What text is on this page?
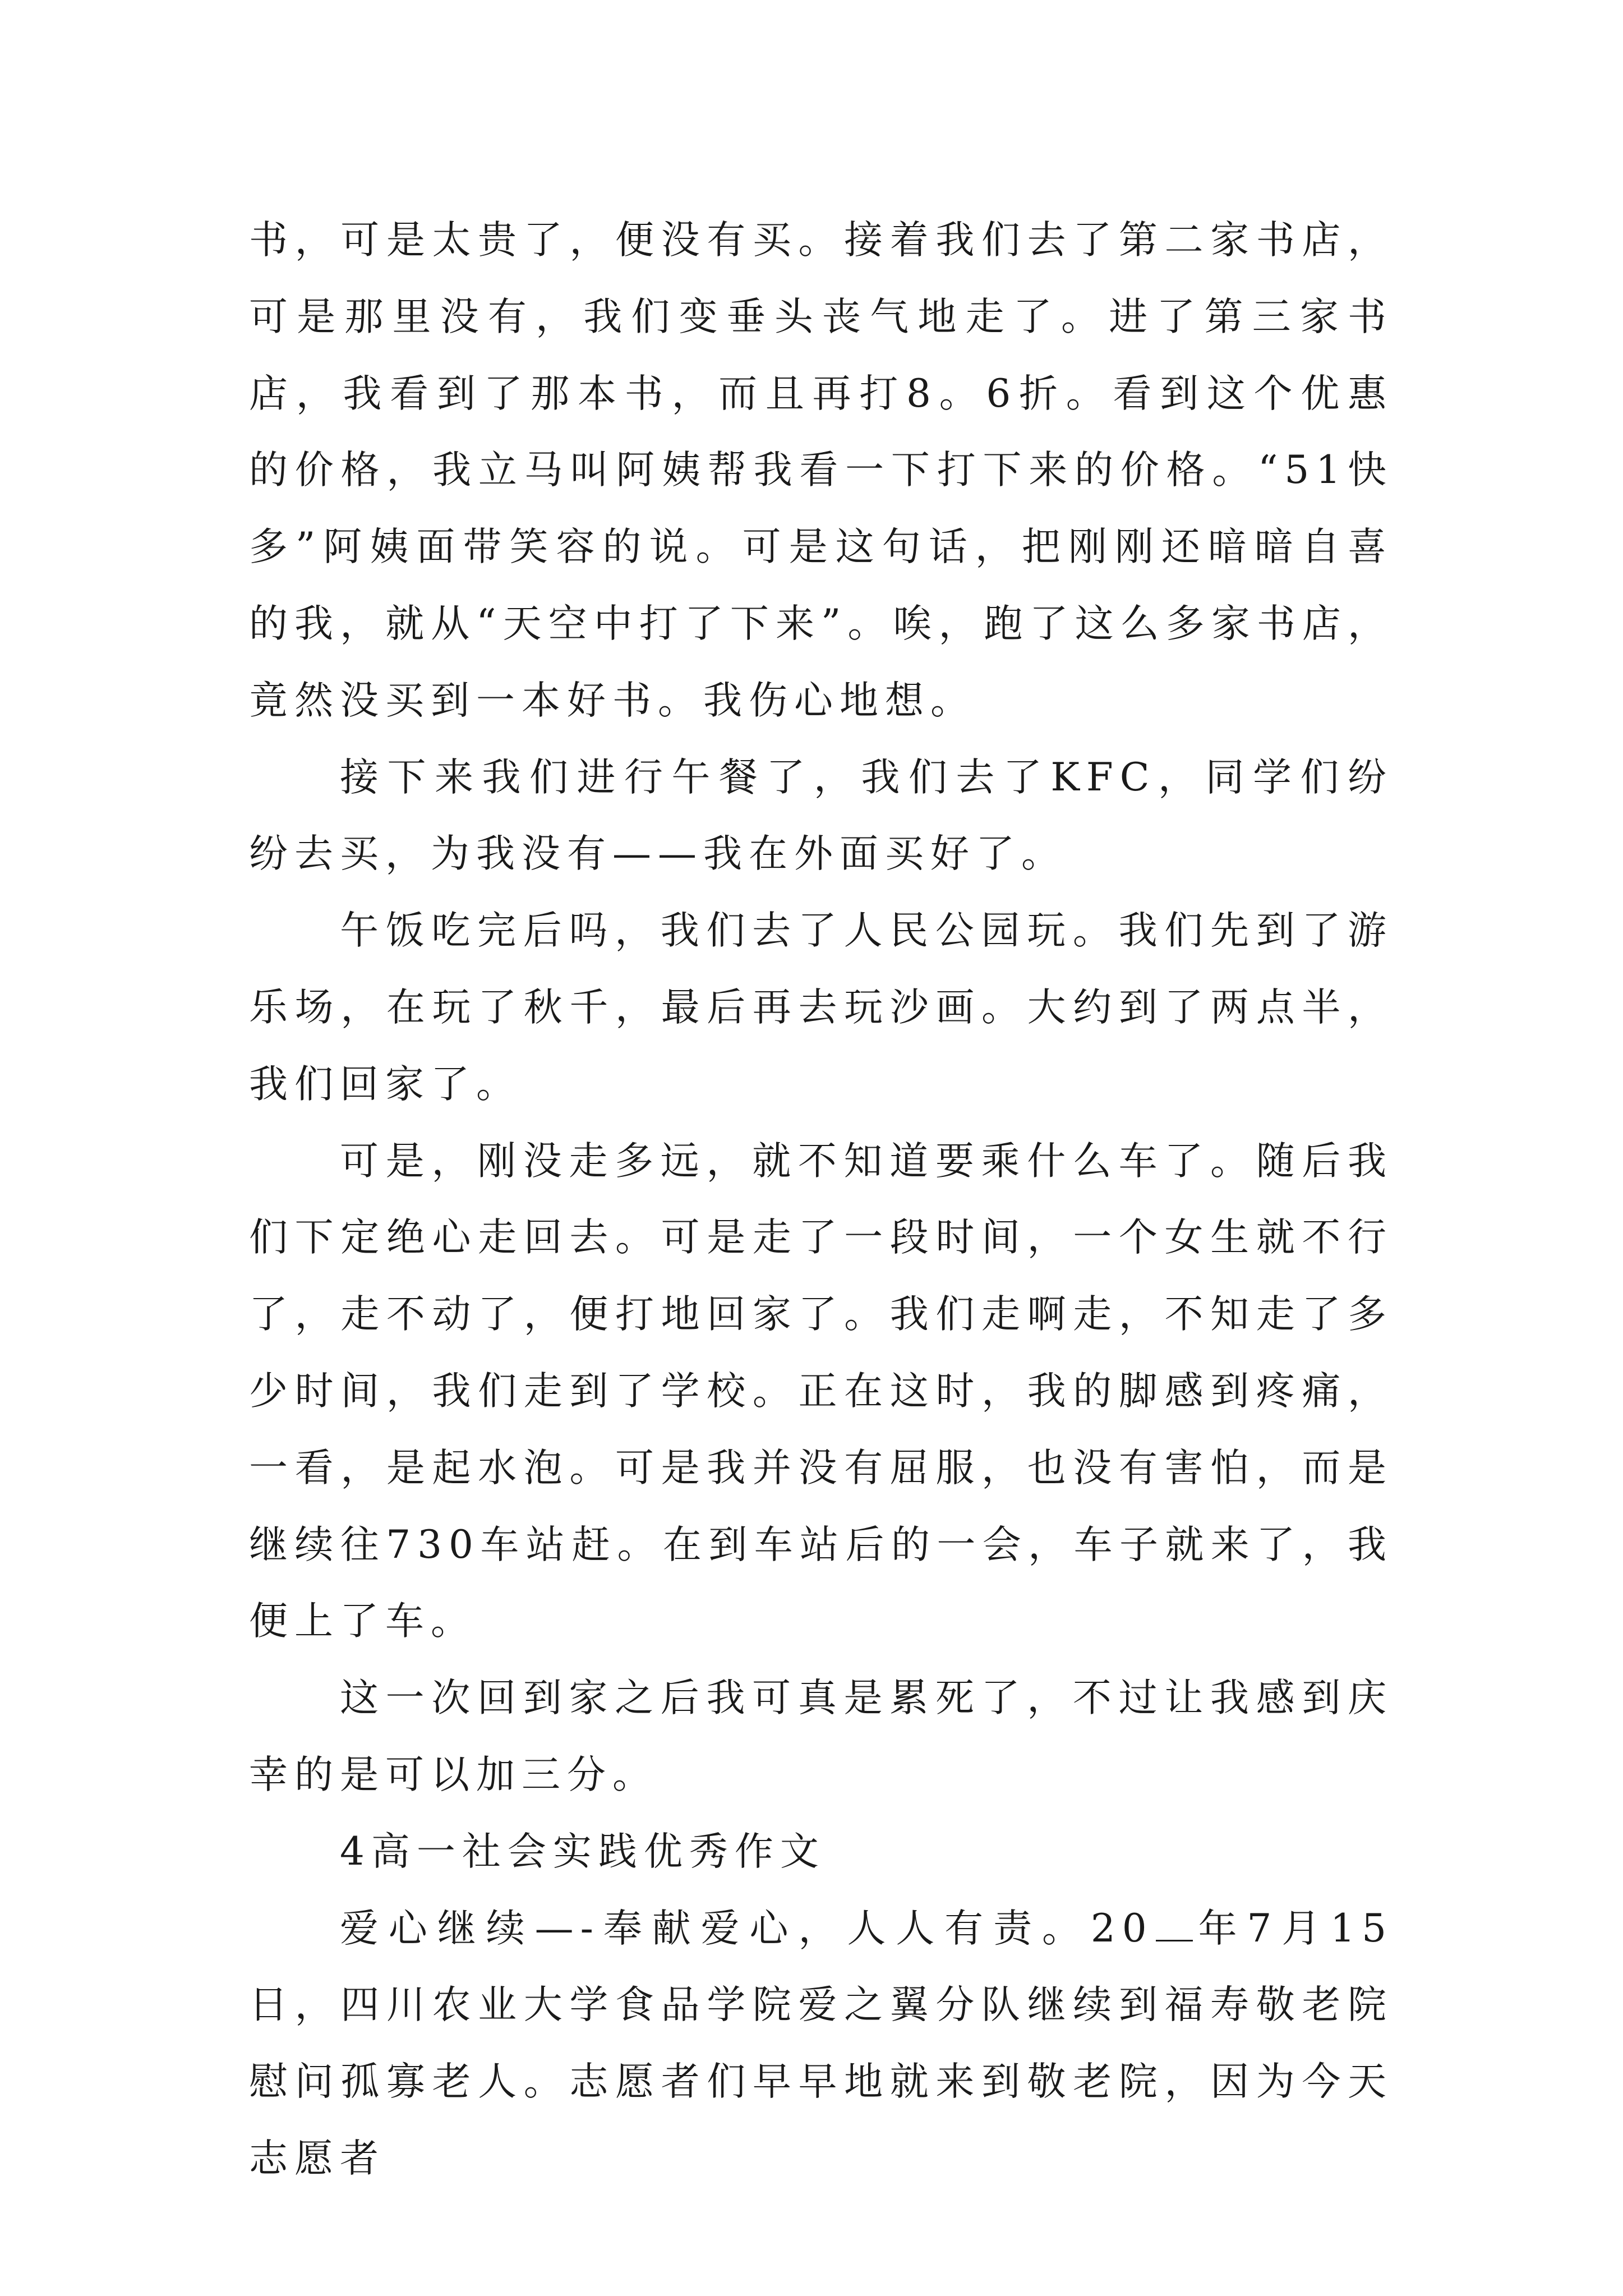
书，可是太贵了，便没有买。接着我们去了第二家书店，可是那里没有，我们变垂头丧气地走了。进了第三家书店，我看到了那本书，而且再打8。6折。看到这个优惠的价格，我立马叫阿姨帮我看一下打下来的价格。“51快多”阿姨面带笑容的说。可是这句话，把刚刚还暗暗自喜的我，就从“天空中打了下来”。唉，跑了这么多家书店，竟然没买到一本好书。我伤心地想。

接下来我们进行午餐了，我们去了KFC，同学们纷纷去买，为我没有——我在外面买好了。

午饭吃完后吗，我们去了人民公园玩。我们先到了游乐场，在玩了秋千，最后再去玩沙画。大约到了两点半，我们回家了。

可是，刚没走多远，就不知道要乘什么车了。随后我们下定绝心走回去。可是走了一段时间，一个女生就不行了，走不动了，便打地回家了。我们走啊走，不知走了多少时间，我们走到了学校。正在这时，我的脚感到疼痛，一看，是起水泡。可是我并没有屈服，也没有害怕，而是继续往730车站赶。在到车站后的一会，车子就来了，我便上了车。

这一次回到家之后我可真是累死了，不过让我感到庆幸的是可以加三分。

4高一社会实践优秀作文

爱心继续—-奉献爱心，人人有责。20 年7月15日，四川农业大学食品学院爱之翼分队继续到福寿敬老院慰问孤寡老人。志愿者们早早地就来到敬老院，因为今天志愿者
